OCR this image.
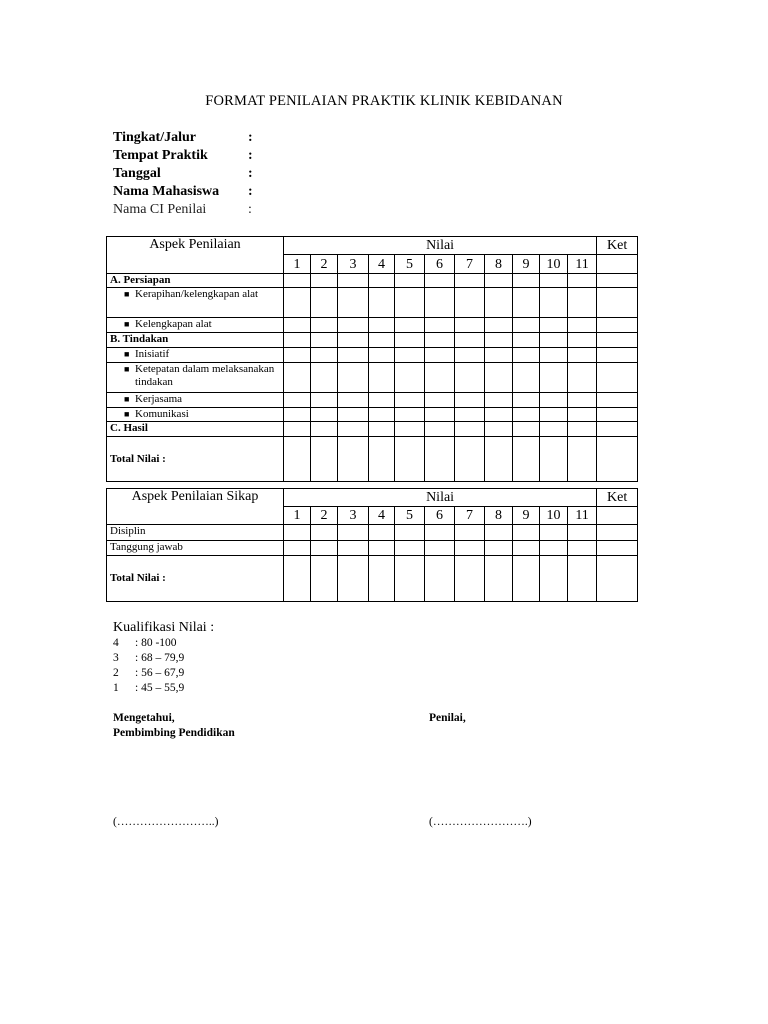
FORMAT PENILAIAN PRAKTIK KLINIK KEBIDANAN
Tingkat/Jalur	:
Tempat Praktik	:
Tanggal	:
Nama Mahasiswa :
Nama CI Penilai	:
Aspek Penilaian	Nilai											Ket
	1	2	3	4	5	6	7	8	9	10	11	
A. Persiapan												

■ Kerapihan/kelengkapan alat												

■ Kelengkapan alat												

B. Tindakan												

■ Inisiatif												

■ Ketepatan dalam melaksanakan tindakan												

■ Kerjasama												

■ Komunikasi												

C. Hasil												
Total Nilai :												
Aspek Penilaian Sikap	Nilai											Ket
	1	2	3	4	5	6	7	8	9	10	11	
Disiplin												
Tanggung jawab												
Total Nilai :												
Kualifikasi Nilai :
4	: 80 -100
3	: 68 – 79,9
2	: 56 – 67,9
1	: 45 – 55,9
Mengetahui,
Pembimbing Pendidikan
Penilai,
(……………………..)	(…………………….)
